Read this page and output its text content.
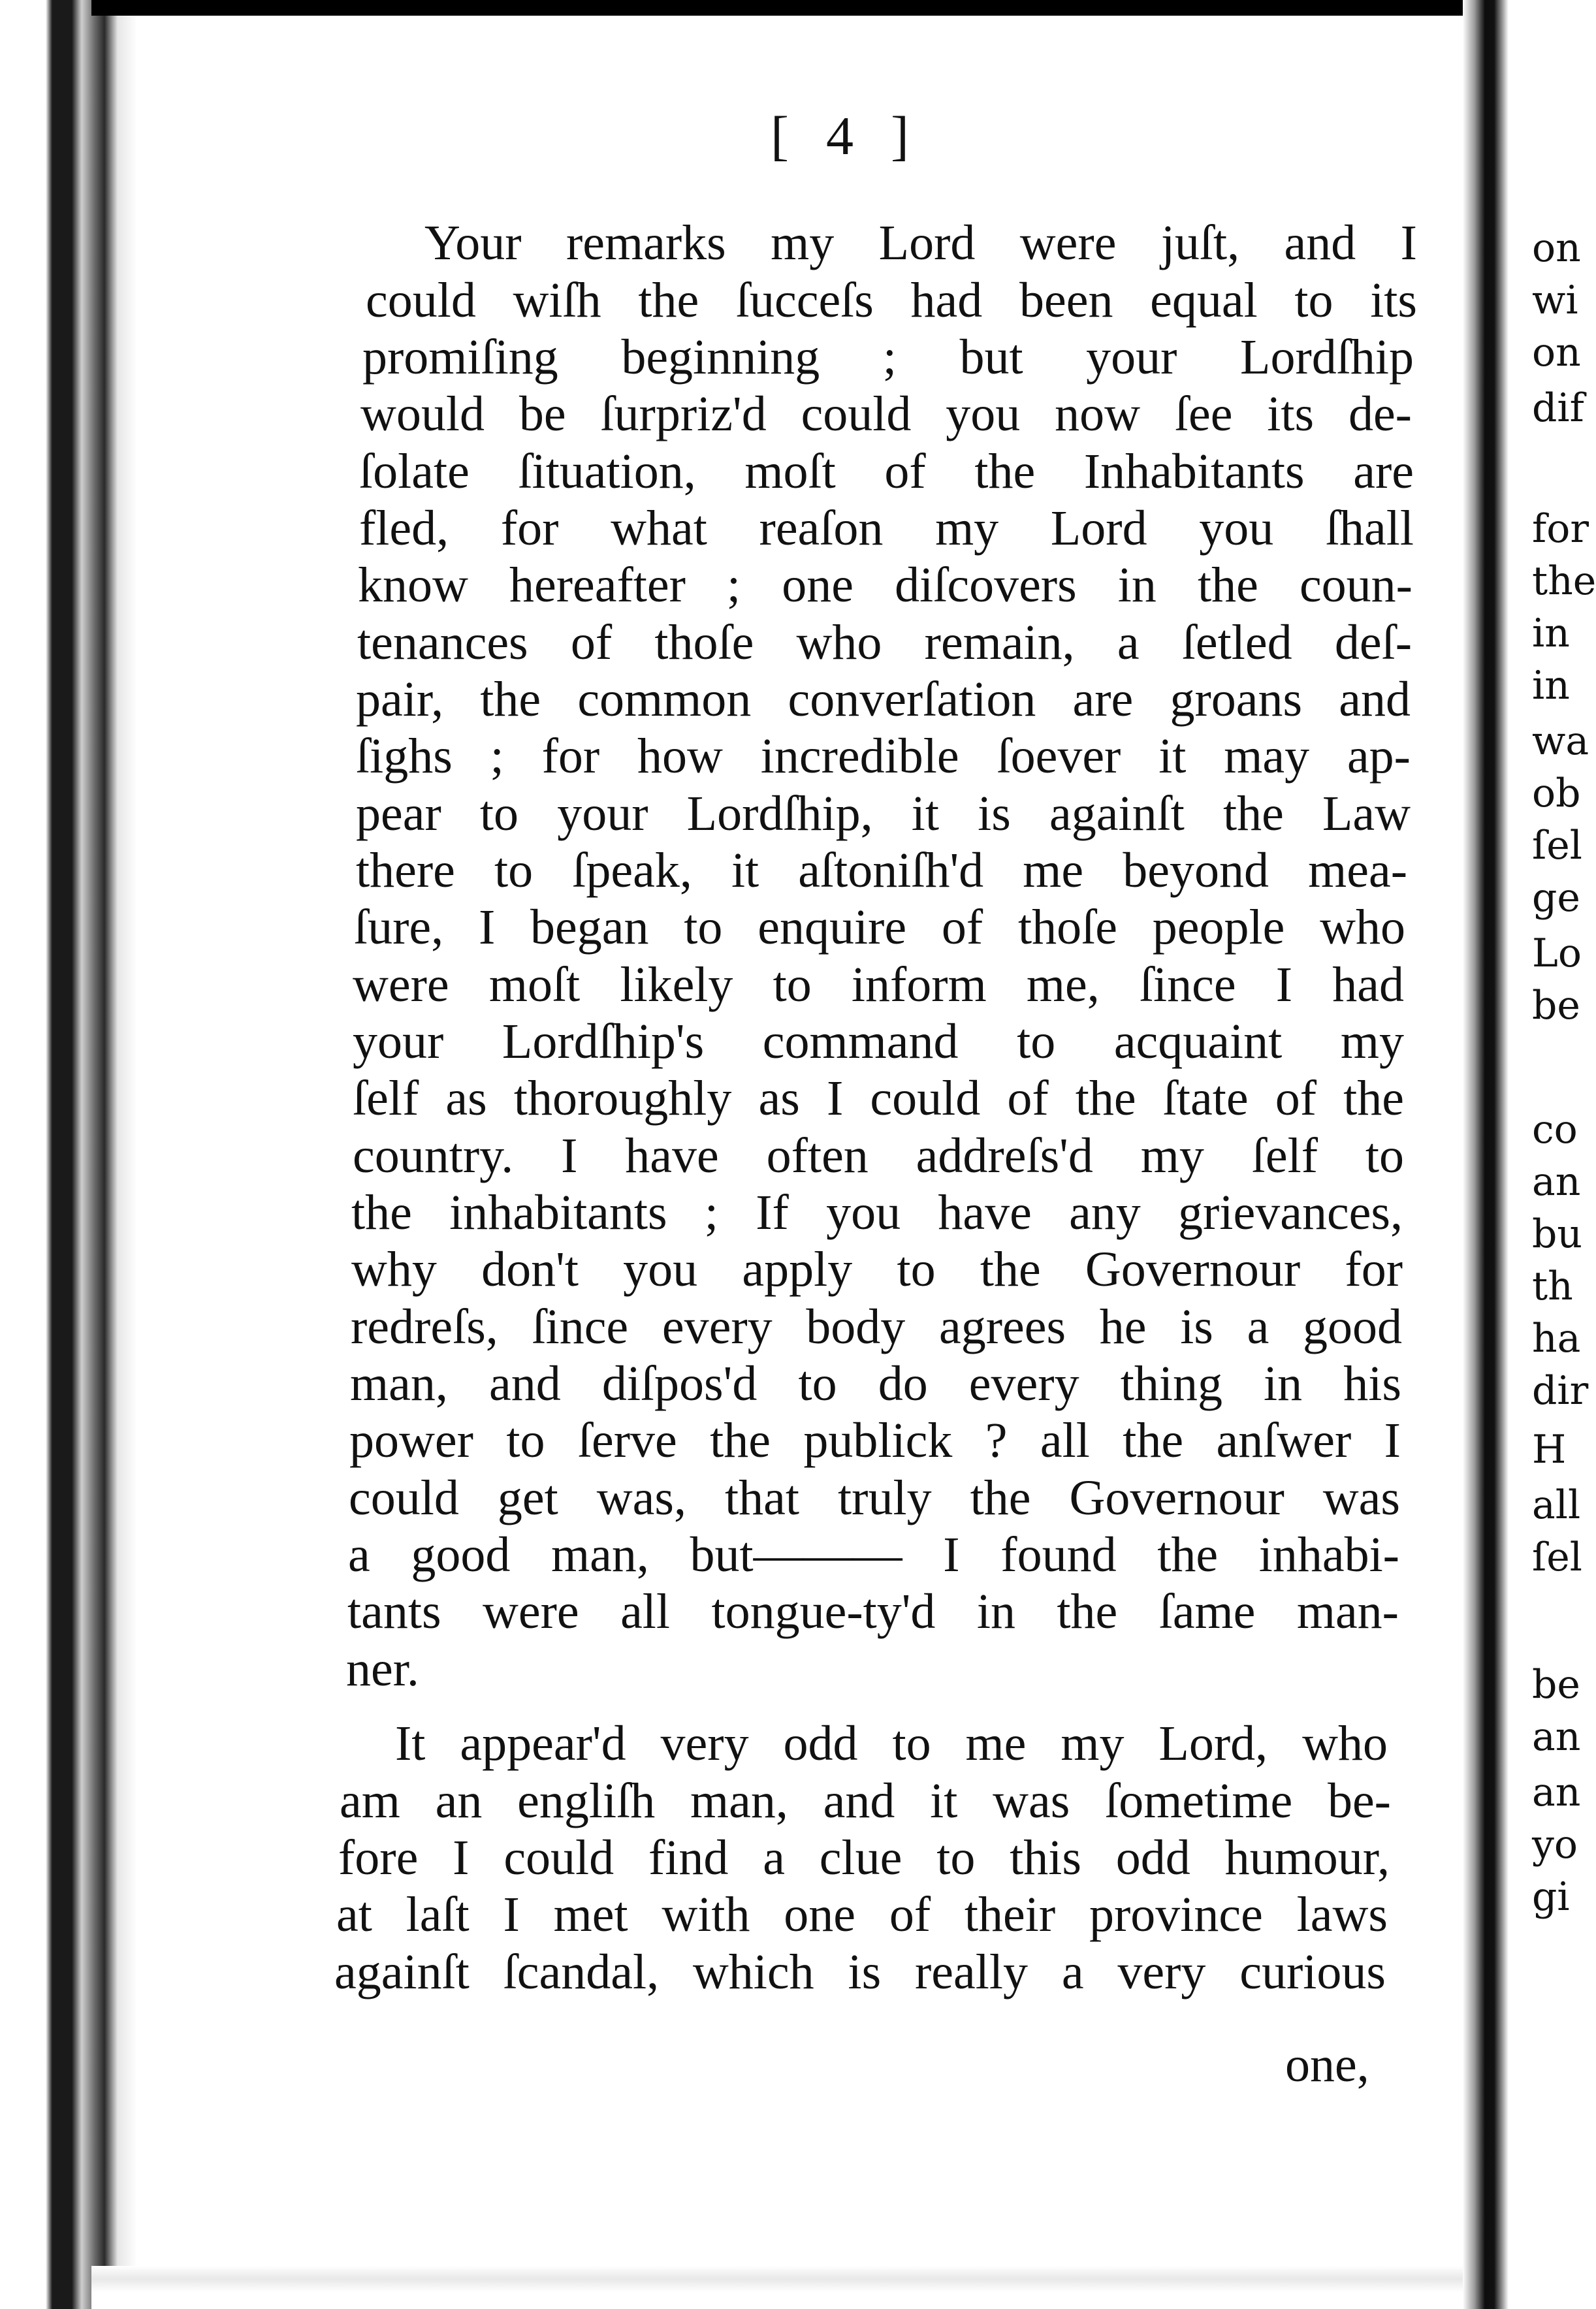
[ 4 ]

Your remarks my Lord were juſt, and I

could wiſh the ſucceſs had been equal to its

promiſing beginning ; but your Lordſhip

would be ſurpriz'd could you now ſee its de-

ſolate ſituation, moſt of the Inhabitants are

fled, for what reaſon my Lord you ſhall

know hereafter ; one diſcovers in the coun-

tenances of thoſe who remain, a ſetled deſ-

pair, the common converſation are groans and

ſighs ; for how incredible ſoever it may ap-

pear to your Lordſhip, it is againſt the Law

there to ſpeak, it aſtoniſh'd me beyond mea-

ſure, I began to enquire of thoſe people who

were moſt likely to inform me, ſince I had

your Lordſhip's command to acquaint my

ſelf as thoroughly as I could of the ſtate of the

country. I have often addreſs'd my ſelf to

the inhabitants ; If you have any grievances,

why don't you apply to the Governour for

redreſs, ſince every body agrees he is a good

man, and diſpos'd to do every thing in his

power to ſerve the publick ? all the anſwer I

could get was, that truly the Governour was

a good man, but——— I found the inhabi-

tants were all tongue-ty'd in the ſame man-

ner.

It appear'd very odd to me my Lord, who

am an engliſh man, and it was ſometime be-

fore I could find a clue to this odd humour,

at laſt I met with one of their province laws

againſt ſcandal, which is really a very curious

one,

on

wi

on

dif

for

the

in

in

wa

ob

ſel

ge

Lo

be

co

an

bu

th

ha

dir

H

all

ſel

be

an

an

yo

gi
